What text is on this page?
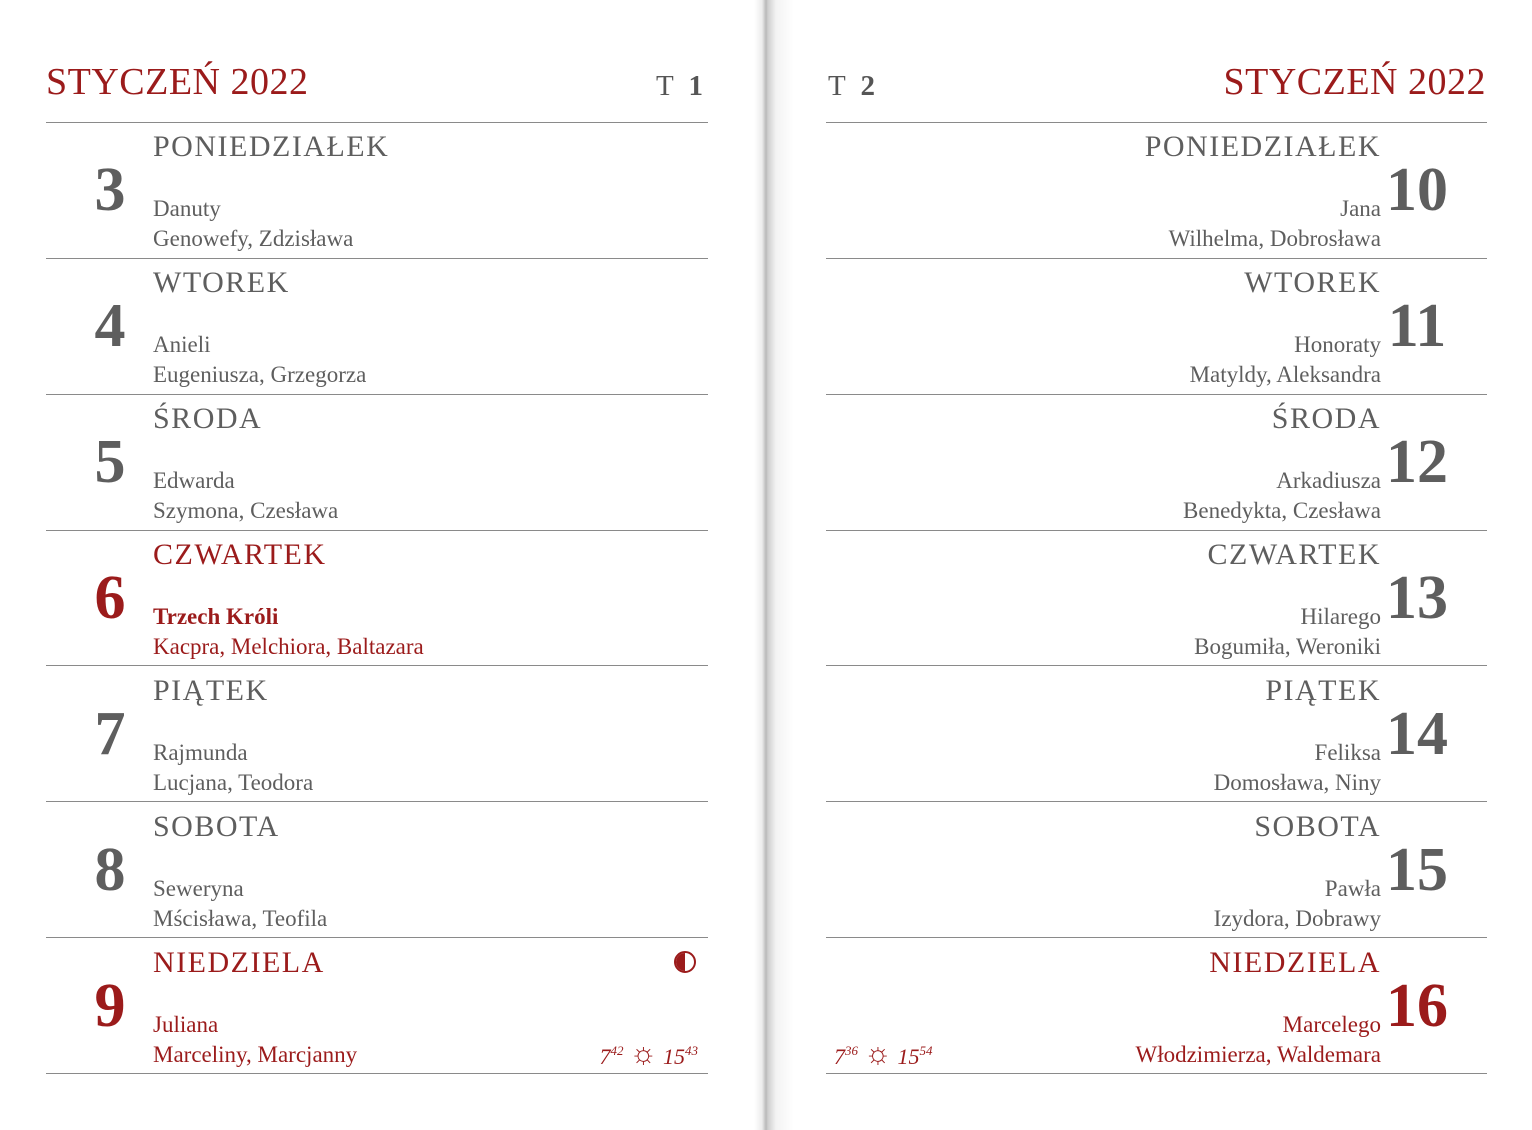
STYCZEŃ 2022	T 1
3
PONIEDZIAŁEK
Danuty
Genowefy, Zdzisława
4
WTOREK
Anieli
Eugeniusza, Grzegorza
5
ŚRODA
Edwarda
Szymona, Czesława
6
CZWARTEK
Trzech Króli
Kacpra, Melchiora, Baltazara
7
PIĄTEK
Rajmunda
Lucjana, Teodora
8
SOBOTA
Seweryna
Mścisława, Teofila
9
NIEDZIELA
Juliana
Marceliny, Marcjanny	$7^{42}$ ☼ $15^{43}$
T 2	STYCZEŃ 2022
PONIEDZIAŁEK
Jana
Wilhelma, Dobrosława
10
WTOREK
Honoraty
Matyldy, Aleksandra
11
ŚRODA
Arkadiusza
Benedykta, Czesława
12
CZWARTEK
Hilarego
Bogumiła, Weroniki
13
PIĄTEK
Feliksa
Domosława, Niny
14
SOBOTA
Pawła
Izydora, Dobrawy
15
NIEDZIELA
Marcelego
Włodzimierza, Waldemara
16
$7^{36}$ ☼ $15^{54}$
